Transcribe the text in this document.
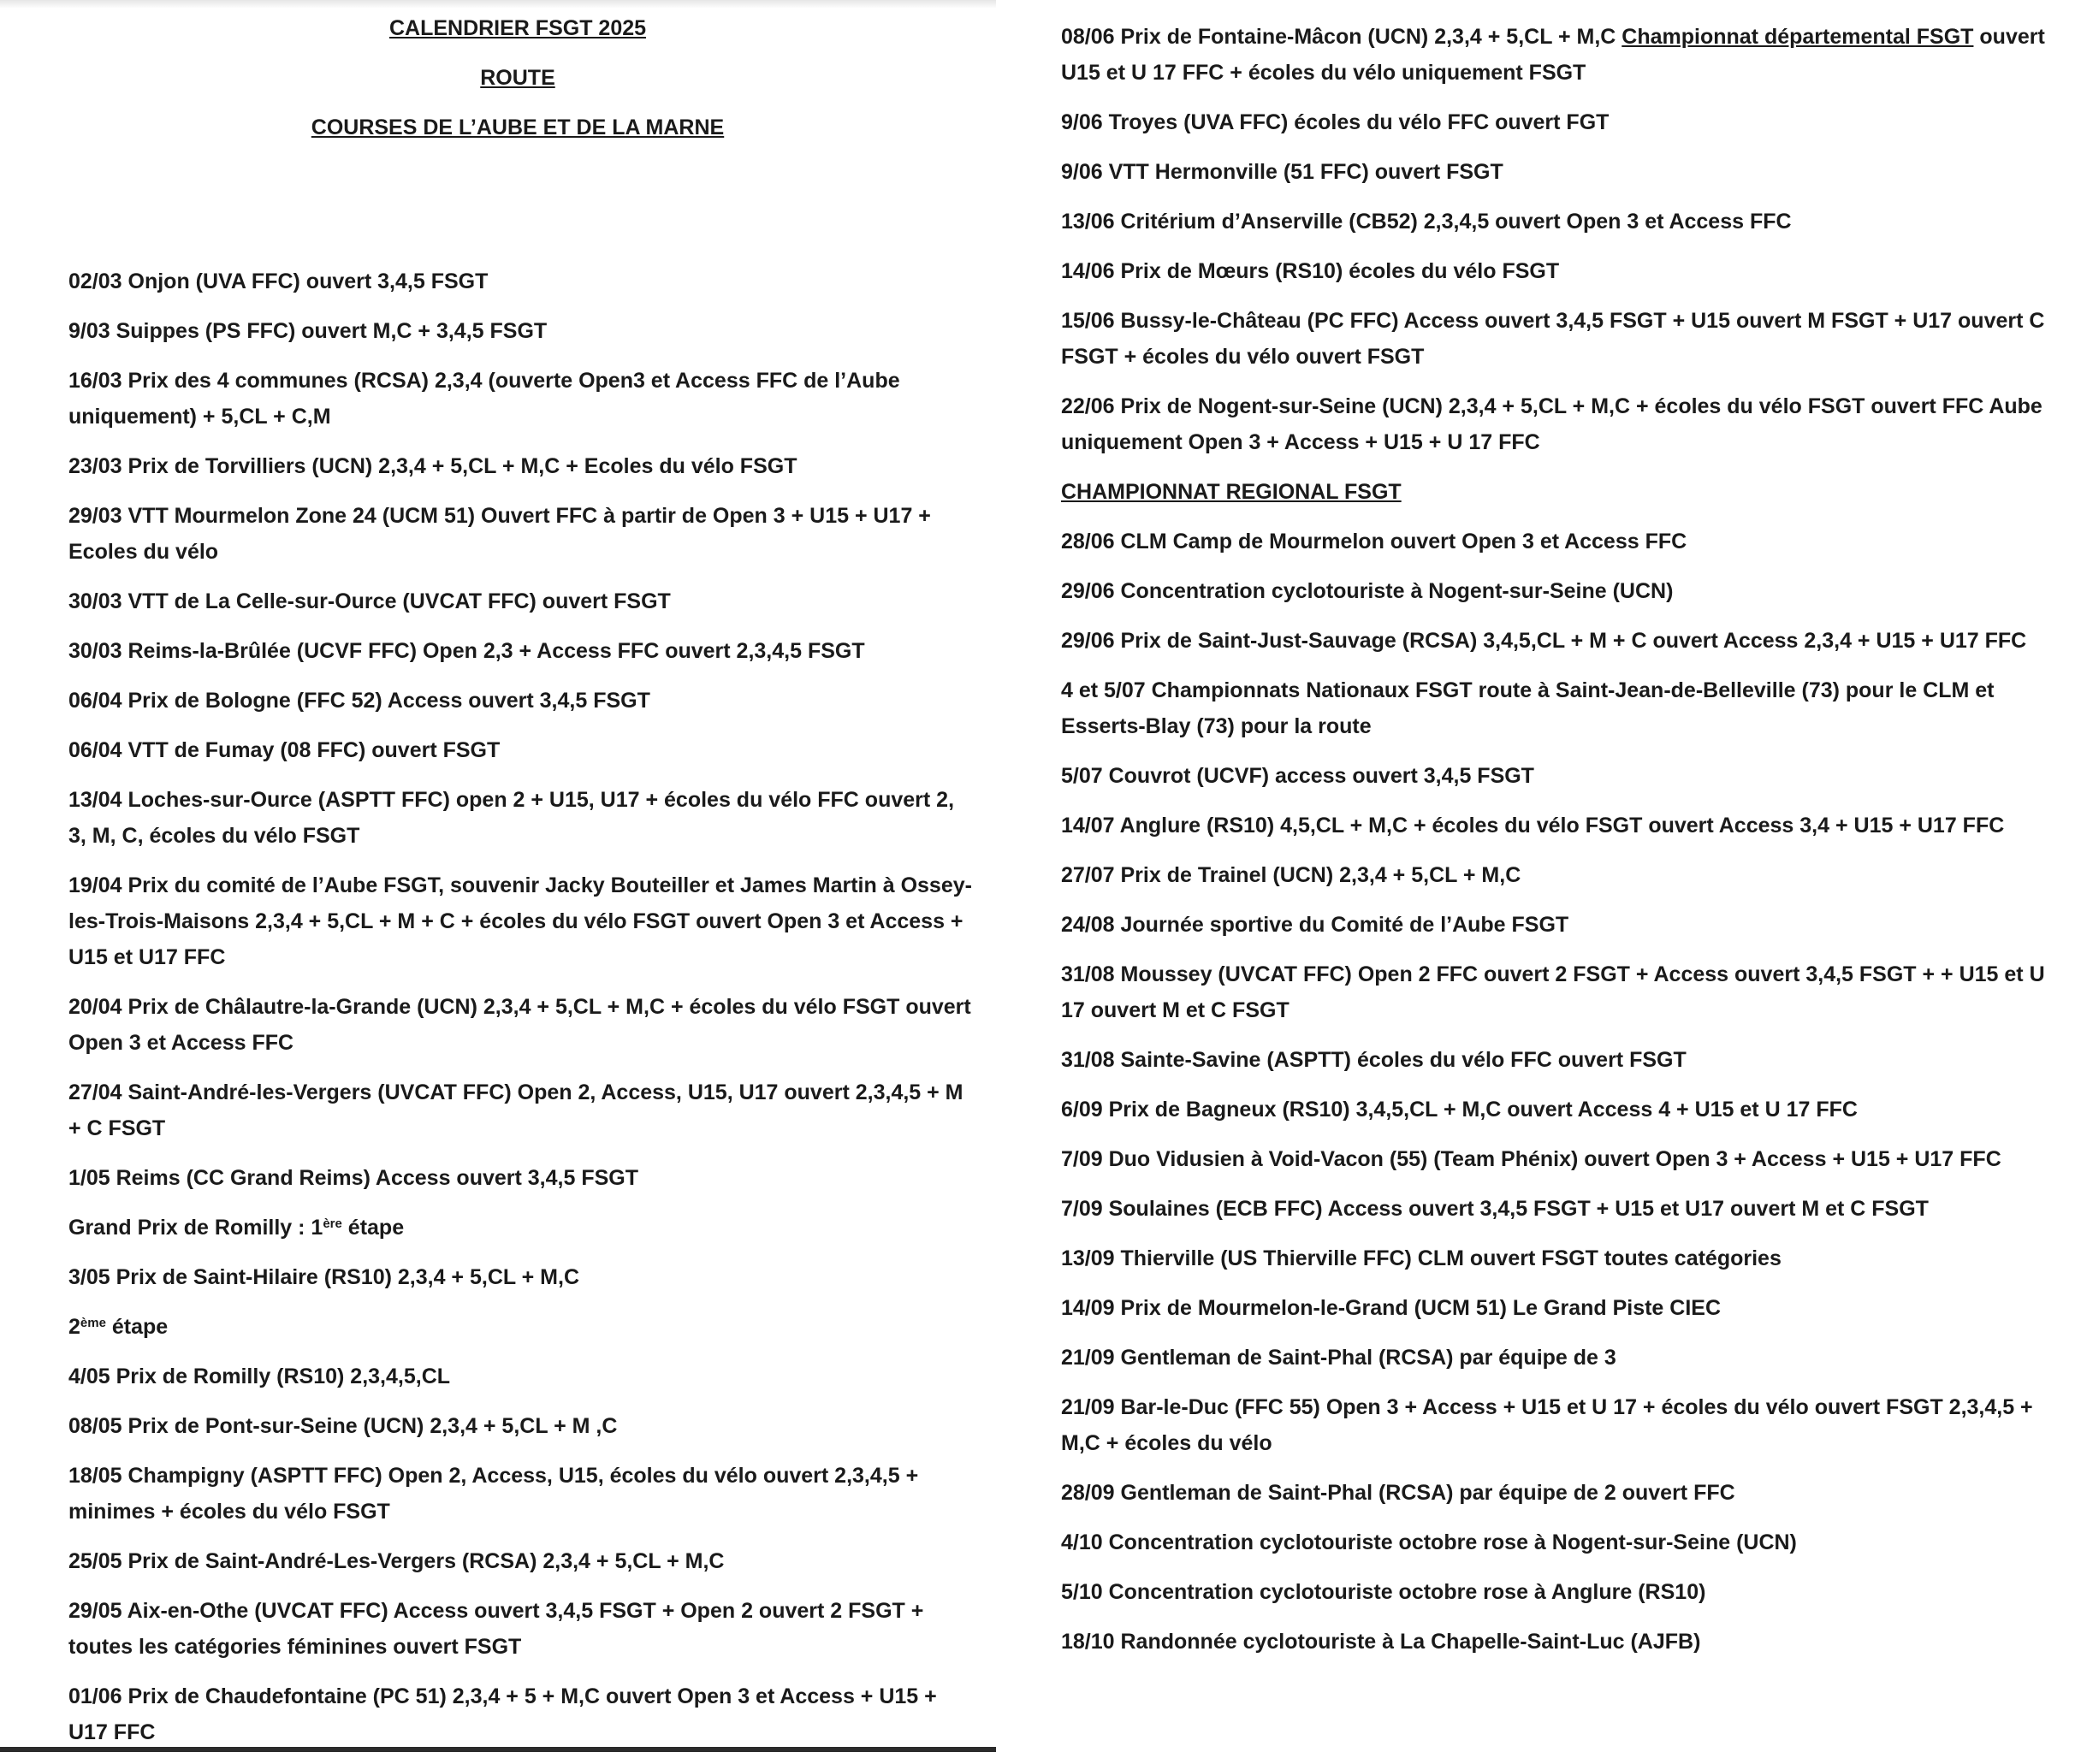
CALENDRIER FSGT 2025

ROUTE

COURSES DE L’AUBE ET DE LA MARNE

02/03 Onjon (UVA FFC) ouvert 3,4,5 FSGT

9/03 Suippes (PS FFC) ouvert M,C + 3,4,5 FSGT

16/03 Prix des 4 communes (RCSA) 2,3,4 (ouverte Open3 et Access FFC de l’Aube uniquement) + 5,CL + C,M

23/03 Prix de Torvilliers (UCN) 2,3,4 + 5,CL + M,C + Ecoles du vélo FSGT

29/03 VTT Mourmelon Zone 24 (UCM 51) Ouvert FFC à partir de Open 3 + U15 + U17 + Ecoles du vélo

30/03 VTT de La Celle-sur-Ource (UVCAT FFC) ouvert FSGT

30/03 Reims-la-Brûlée (UCVF FFC) Open 2,3 + Access FFC ouvert 2,3,4,5 FSGT

06/04 Prix de Bologne (FFC 52) Access ouvert 3,4,5 FSGT

06/04 VTT de Fumay (08 FFC) ouvert FSGT

13/04 Loches-sur-Ource (ASPTT FFC) open 2 + U15, U17 + écoles du vélo FFC ouvert 2, 3, M, C, écoles du vélo FSGT

19/04 Prix du comité de l’Aube FSGT, souvenir Jacky Bouteiller et James Martin à Ossey-les-Trois-Maisons 2,3,4 + 5,CL + M + C + écoles du vélo FSGT ouvert Open 3 et Access + U15 et U17 FFC

20/04 Prix de Châlautre-la-Grande (UCN) 2,3,4 + 5,CL + M,C + écoles du vélo FSGT ouvert Open 3 et Access FFC

27/04 Saint-André-les-Vergers (UVCAT FFC) Open 2, Access, U15, U17 ouvert 2,3,4,5 + M + C FSGT

1/05 Reims (CC Grand Reims) Access ouvert 3,4,5 FSGT

Grand Prix de Romilly : 1ère étape

3/05 Prix de Saint-Hilaire (RS10) 2,3,4 + 5,CL + M,C

2ème étape

4/05 Prix de Romilly (RS10) 2,3,4,5,CL

08/05 Prix de Pont-sur-Seine (UCN) 2,3,4 + 5,CL + M ,C

18/05 Champigny (ASPTT FFC) Open 2, Access, U15, écoles du vélo ouvert 2,3,4,5 + minimes + écoles du vélo FSGT

25/05 Prix de Saint-André-Les-Vergers (RCSA) 2,3,4 + 5,CL + M,C

29/05 Aix-en-Othe (UVCAT FFC) Access ouvert 3,4,5 FSGT + Open 2 ouvert 2 FSGT + toutes les catégories féminines ouvert FSGT

01/06 Prix de Chaudefontaine (PC 51) 2,3,4 + 5 + M,C ouvert Open 3 et Access + U15 + U17 FFC

08/06 Prix de Fontaine-Mâcon (UCN) 2,3,4 + 5,CL + M,C Championnat départemental FSGT ouvert U15 et U 17 FFC + écoles du vélo uniquement FSGT

9/06 Troyes (UVA FFC) écoles du vélo FFC ouvert FGT

9/06 VTT Hermonville (51 FFC) ouvert FSGT

13/06 Critérium d’Anserville (CB52) 2,3,4,5 ouvert Open 3 et Access FFC

14/06 Prix de Mœurs (RS10) écoles du vélo FSGT

15/06 Bussy-le-Château (PC FFC) Access ouvert 3,4,5 FSGT + U15 ouvert M FSGT + U17 ouvert C FSGT + écoles du vélo ouvert FSGT

22/06 Prix de Nogent-sur-Seine (UCN) 2,3,4 + 5,CL + M,C + écoles du vélo FSGT ouvert FFC Aube uniquement Open 3 + Access + U15 + U 17 FFC

CHAMPIONNAT REGIONAL FSGT

28/06 CLM Camp de Mourmelon ouvert Open 3 et Access FFC

29/06 Concentration cyclotouriste à Nogent-sur-Seine (UCN)

29/06 Prix de Saint-Just-Sauvage (RCSA) 3,4,5,CL + M + C ouvert Access 2,3,4 + U15 + U17 FFC

4 et 5/07 Championnats Nationaux FSGT route à Saint-Jean-de-Belleville (73) pour le CLM et Esserts-Blay (73) pour la route

5/07 Couvrot (UCVF) access ouvert 3,4,5 FSGT

14/07 Anglure (RS10) 4,5,CL + M,C + écoles du vélo FSGT ouvert Access 3,4 + U15 + U17 FFC

27/07 Prix de Trainel (UCN) 2,3,4 + 5,CL + M,C

24/08 Journée sportive du Comité de l’Aube FSGT

31/08 Moussey (UVCAT FFC) Open 2 FFC ouvert 2 FSGT + Access ouvert 3,4,5 FSGT + + U15 et U 17 ouvert M et C FSGT

31/08 Sainte-Savine (ASPTT) écoles du vélo FFC ouvert FSGT

6/09 Prix de Bagneux (RS10) 3,4,5,CL + M,C ouvert Access 4 + U15 et U 17 FFC

7/09 Duo Vidusien à Void-Vacon (55) (Team Phénix) ouvert Open 3 + Access + U15 + U17 FFC

7/09 Soulaines (ECB FFC) Access ouvert 3,4,5 FSGT + U15 et U17 ouvert M et C FSGT

13/09 Thierville (US Thierville FFC) CLM ouvert FSGT toutes catégories

14/09 Prix de Mourmelon-le-Grand (UCM 51) Le Grand Piste CIEC

21/09 Gentleman de Saint-Phal (RCSA) par équipe de 3

21/09 Bar-le-Duc (FFC 55) Open 3 + Access + U15 et U 17 + écoles du vélo ouvert FSGT 2,3,4,5 + M,C + écoles du vélo

28/09 Gentleman de Saint-Phal (RCSA) par équipe de 2 ouvert FFC

4/10 Concentration cyclotouriste octobre rose à Nogent-sur-Seine (UCN)

5/10 Concentration cyclotouriste octobre rose à Anglure (RS10)

18/10 Randonnée cyclotouriste à La Chapelle-Saint-Luc (AJFB)
